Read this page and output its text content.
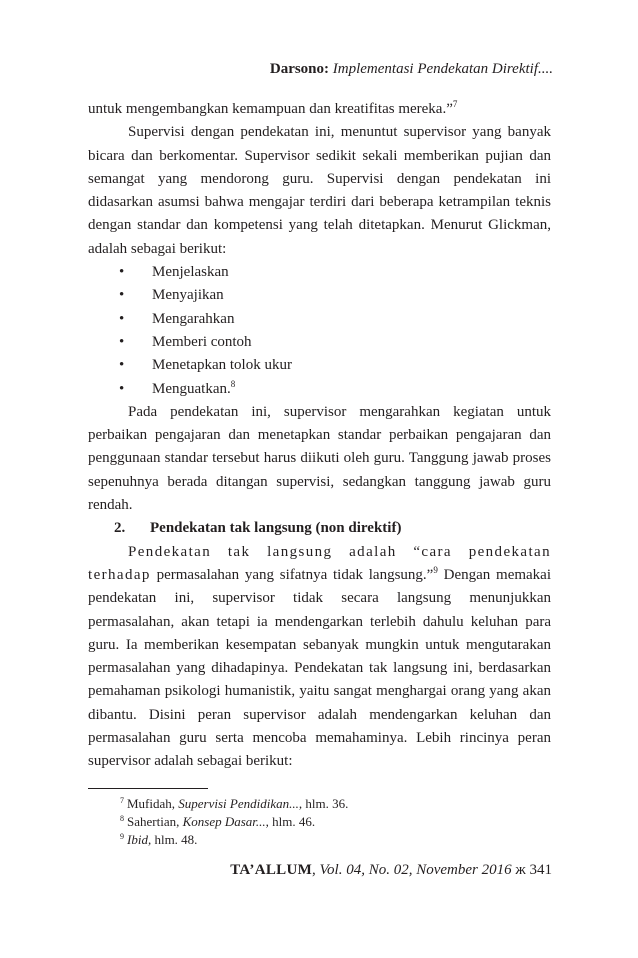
Darsono: Implementasi Pendekatan Direktif....

untuk mengembangkan kemampuan dan kreatifitas mereka.”$^7$

Supervisi dengan pendekatan ini, menuntut supervisor yang banyak bicara dan berkomentar. Supervisor sedikit sekali memberikan pujian dan semangat yang mendorong guru. Supervisi dengan pendekatan ini didasarkan asumsi bahwa mengajar terdiri dari beberapa ketrampilan teknis dengan standar dan kompetensi yang telah ditetapkan. Menurut Glickman, adalah sebagai berikut:

• Menjelaskan
• Menyajikan
• Mengarahkan
• Memberi contoh
• Menetapkan tolok ukur
• Menguatkan.$^8$

Pada pendekatan ini, supervisor mengarahkan kegiatan untuk perbaikan pengajaran dan menetapkan standar perbaikan pengajaran dan penggunaan standar tersebut harus diikuti oleh guru. Tanggung jawab proses sepenuhnya berada ditangan supervisi, sedangkan tanggung jawab guru rendah.

2. Pendekatan tak langsung (non direktif)

Pendekatan tak langsung adalah “cara pendekatan terhadap permasalahan yang sifatnya tidak langsung.”$^9$ Dengan memakai pendekatan ini, supervisor tidak secara langsung menunjukkan permasalahan, akan tetapi ia mendengarkan terlebih dahulu keluhan para guru. Ia memberikan kesempatan sebanyak mungkin untuk mengutarakan permasalahan yang dihadapinya. Pendekatan tak langsung ini, berdasarkan pemahaman psikologi humanistik, yaitu sangat menghargai orang yang akan dibantu. Disini peran supervisor adalah mendengarkan keluhan dan permasalahan guru serta mencoba memahaminya. Lebih rincinya peran supervisor adalah sebagai berikut:

$^7$ Mufidah, Supervisi Pendidikan..., hlm. 36.

$^8$ Sahertian, Konsep Dasar..., hlm. 46.

$^9$ Ibid, hlm. 48.

TA’ALLUM, Vol. 04, No. 02, November 2016 ж 341
